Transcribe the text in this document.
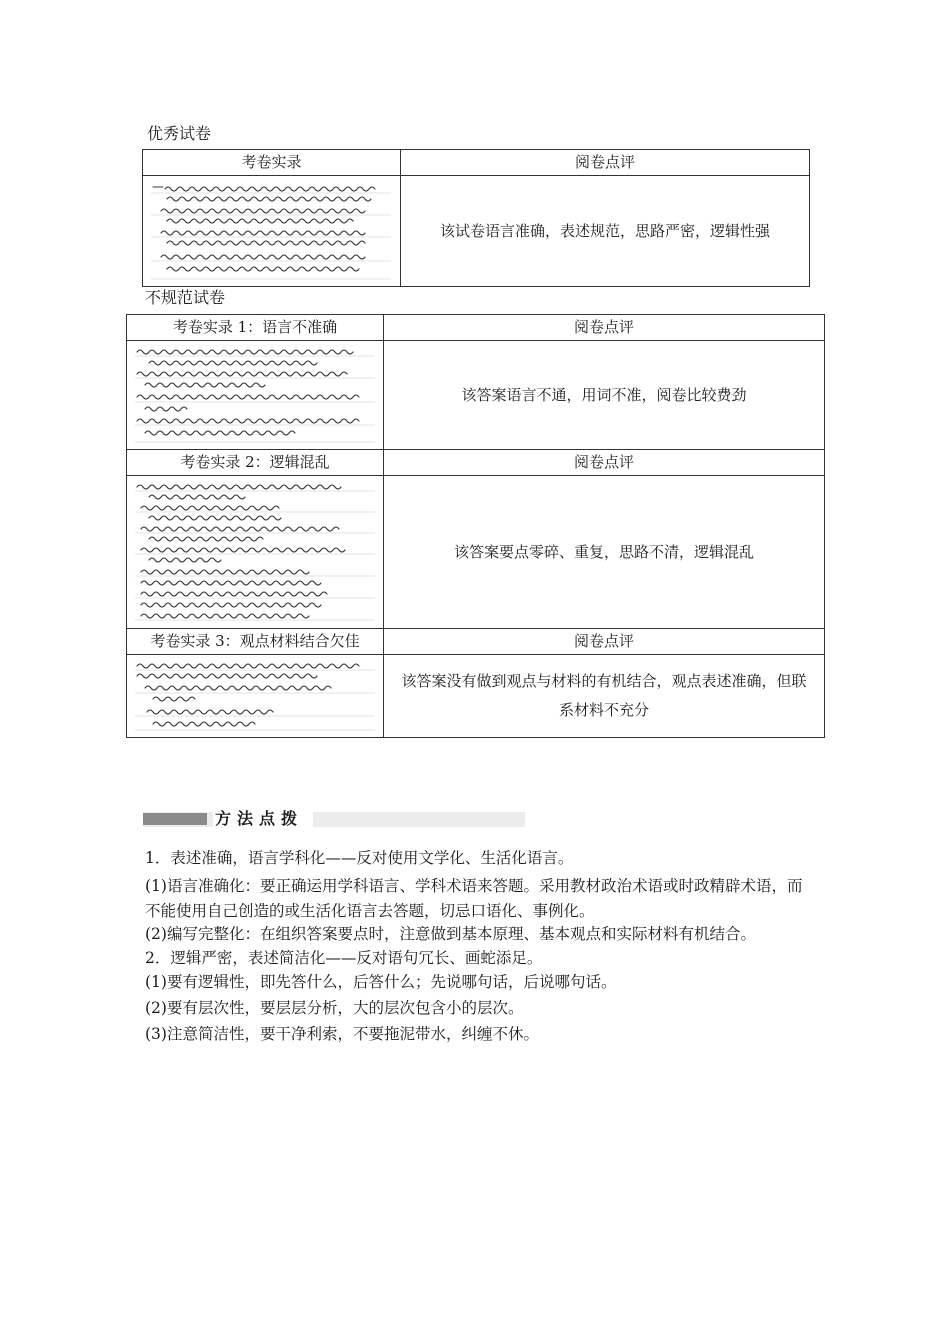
优秀试卷
考卷实录	阅卷点评

	该试卷语言准确，表述规范，思路严密，逻辑性强
不规范试卷
考卷实录 1：语言不准确	阅卷点评

	该答案语言不通，用词不准，阅卷比较费劲
考卷实录 2：逻辑混乱	阅卷点评

	该答案要点零碎、重复，思路不清，逻辑混乱
考卷实录 3：观点材料结合欠佳	阅卷点评

	该答案没有做到观点与材料的有机结合，观点表述准确，但联系材料不充分
方法点拨
1．表述准确，语言学科化——反对使用文学化、生活化语言。
(1)语言准确化：要正确运用学科语言、学科术语来答题。采用教材政治术语或时政精辟术语，而不能使用自己创造的或生活化语言去答题，切忌口语化、事例化。
(2)编写完整化：在组织答案要点时，注意做到基本原理、基本观点和实际材料有机结合。
2．逻辑严密，表述简洁化——反对语句冗长、画蛇添足。
(1)要有逻辑性，即先答什么，后答什么；先说哪句话，后说哪句话。
(2)要有层次性，要层层分析，大的层次包含小的层次。
(3)注意简洁性，要干净利索，不要拖泥带水，纠缠不休。
